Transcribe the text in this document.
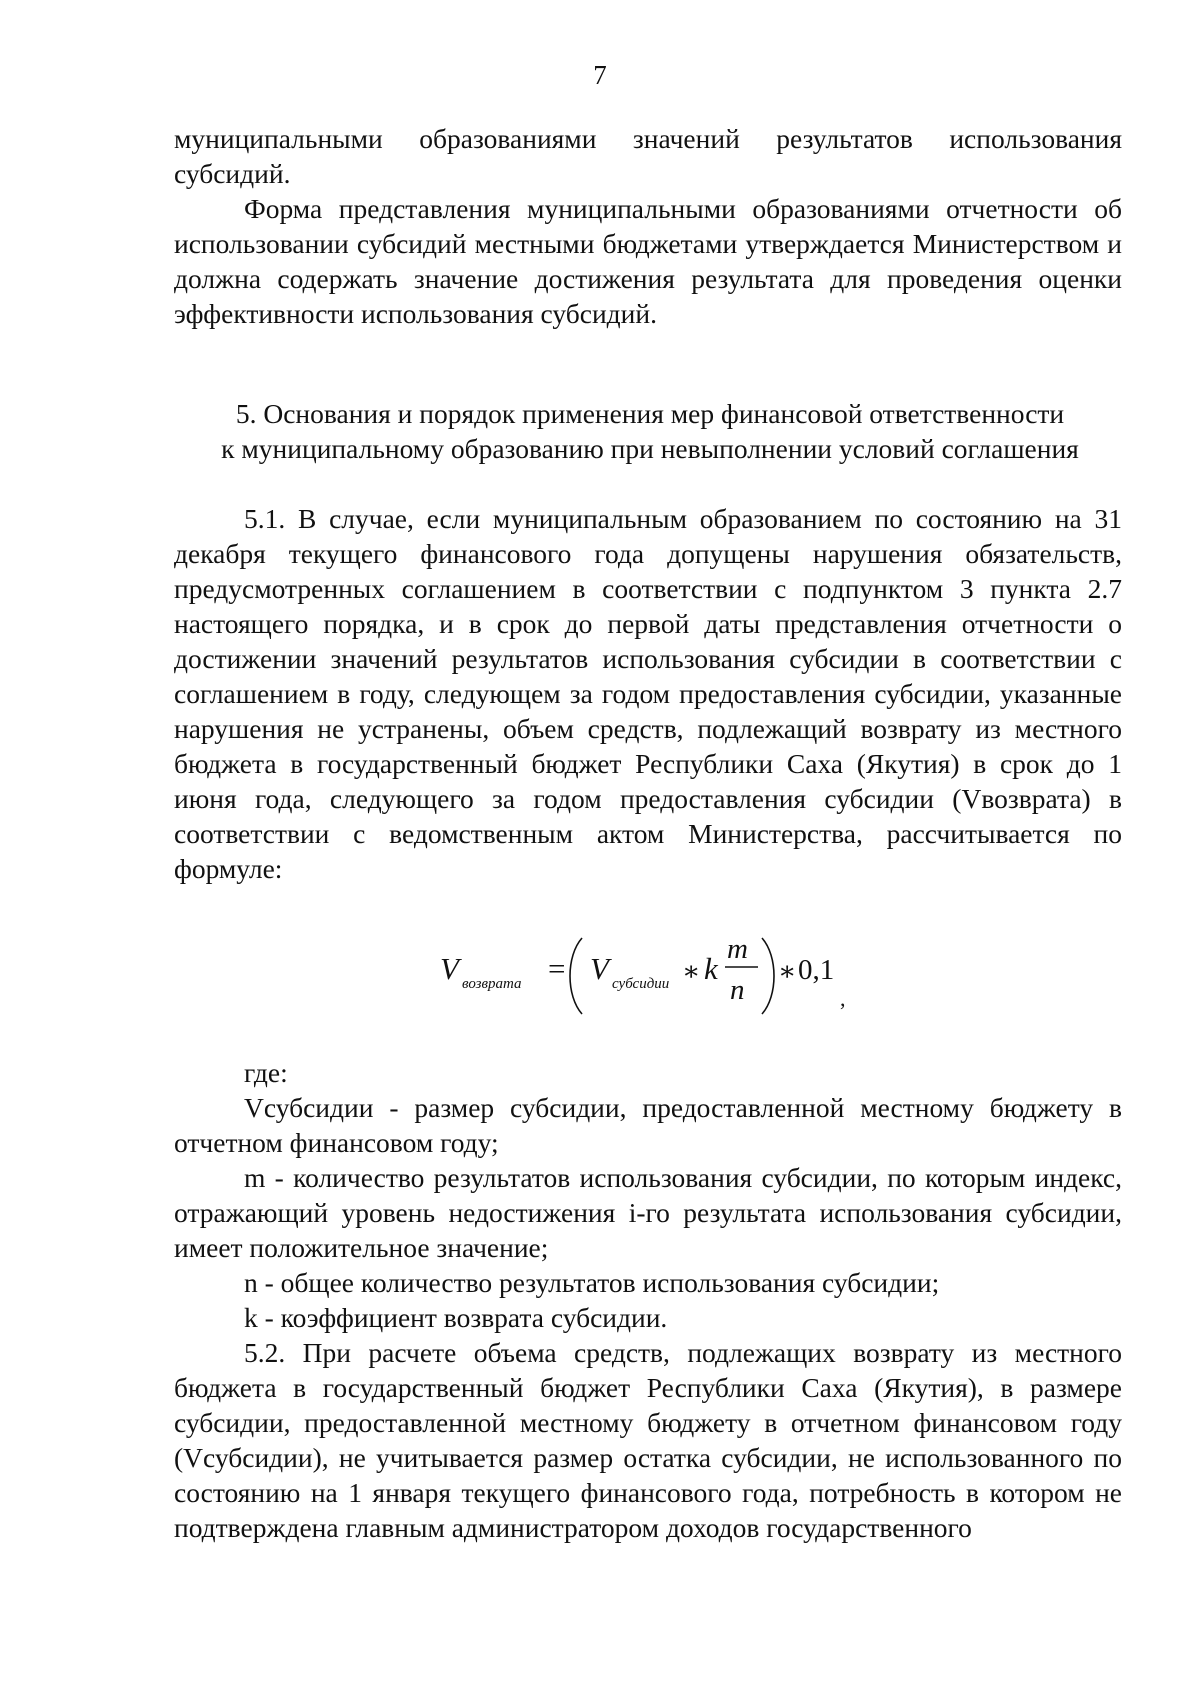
7

муниципальными образованиями значений результатов использования субсидий.

Форма представления муниципальными образованиями отчетности об использовании субсидий местными бюджетами утверждается Министерством и должна содержать значение достижения результата для проведения оценки эффективности использования субсидий.

5. Основания и порядок применения мер финансовой ответственности
к муниципальному образованию при невыполнении условий соглашения

5.1. В случае, если муниципальным образованием по состоянию на 31 декабря текущего финансового года допущены нарушения обязательств, предусмотренных соглашением в соответствии с подпунктом 3 пункта 2.7 настоящего порядка, и в срок до первой даты представления отчетности о достижении значений результатов использования субсидии в соответствии с соглашением в году, следующем за годом предоставления субсидии, указанные нарушения не устранены, объем средств, подлежащий возврату из местного бюджета в государственный бюджет Республики Саха (Якутия) в срок до 1 июня года, следующего за годом предоставления субсидии (Vвозврата) в соответствии с ведомственным актом Министерства, рассчитывается по формуле:

V возврата = V субсидии ∗ k
m
n
∗ 0,1
,
где:

Vсубсидии - размер субсидии, предоставленной местному бюджету в отчетном финансовом году;

m - количество результатов использования субсидии, по которым индекс, отражающий уровень недостижения i-го результата использования субсидии, имеет положительное значение;

n - общее количество результатов использования субсидии;

k - коэффициент возврата субсидии.

5.2. При расчете объема средств, подлежащих возврату из местного бюджета в государственный бюджет Республики Саха (Якутия), в размере субсидии, предоставленной местному бюджету в отчетном финансовом году (Vсубсидии), не учитывается размер остатка субсидии, не использованного по состоянию на 1 января текущего финансового года, потребность в котором не подтверждена главным администратором доходов государственного
